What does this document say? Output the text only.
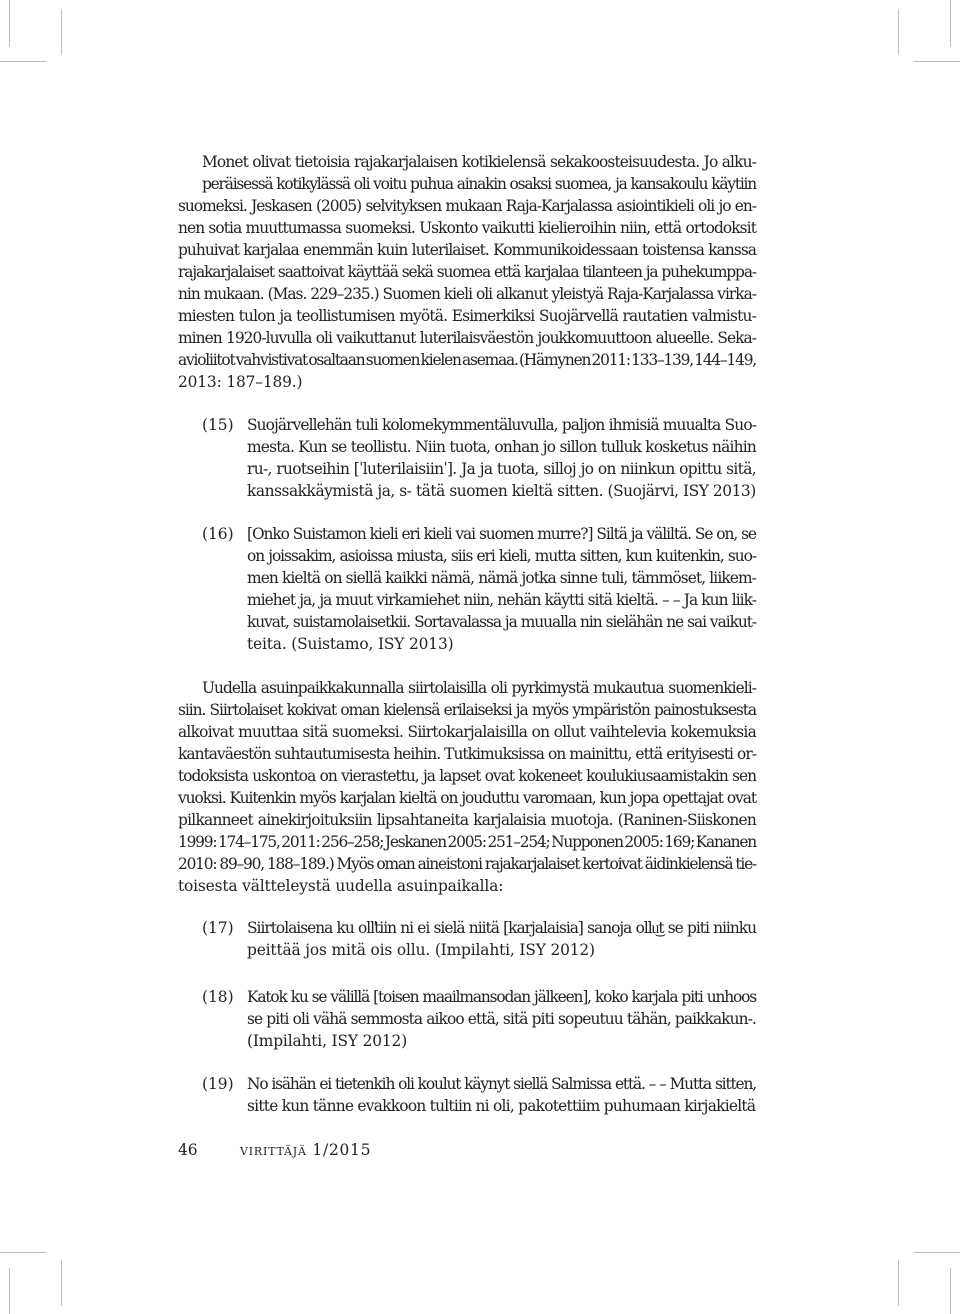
Monet olivat tietoisia rajakarjalaisen kotikielensä sekakoosteisuudesta. Jo alku-
peräisessä kotikylässä oli voitu puhua ainakin osaksi suomea, ja kansakoulu käytiin
suomeksi. Jeskasen (2005) selvityksen mukaan Raja-Karjalassa asiointikieli oli jo en-
nen sotia muuttumassa suomeksi. Uskonto vaikutti kielieroihin niin, että ortodoksit
puhuivat karjalaa enemmän kuin luterilaiset. Kommunikoidessaan toistensa kanssa
rajakarjalaiset saattoivat käyttää sekä suomea että karjalaa tilanteen ja puhekumppa-
nin mukaan. (Mas. 229–235.) Suomen kieli oli alkanut yleistyä Raja-Karjalassa virka-
miesten tulon ja teollistumisen myötä. Esimerkiksi Suojärvellä rautatien valmistu-
minen 1920-luvulla oli vaikuttanut luterilaisväestön joukkomuuttoon alueelle. Seka-
avioliitot vahvistivat osaltaan suomen kielen asemaa. (Hämynen 2011: 133–139, 144–149,
2013: 187–189.)
Uudella asuinpaikkakunnalla siirtolaisilla oli pyrkimystä mukautua suomenkieli-
siin. Siirtolaiset kokivat oman kielensä erilaiseksi ja myös ympäristön painostuksesta
alkoivat muuttaa sitä suomeksi. Siirtokarjalaisilla on ollut vaihtelevia kokemuksia
kantaväestön suhtautumisesta heihin. Tutkimuksissa on mainittu, että erityisesti or-
todoksista uskontoa on vierastettu, ja lapset ovat kokeneet koulukiusaamistakin sen
vuoksi. Kuitenkin myös karjalan kieltä on jouduttu varomaan, kun jopa opettajat ovat
pilkanneet ainekirjoituksiin lipsahtaneita karjalaisia muotoja. (Raninen-Siiskonen
1999: 174–175, 2011: 256–258; Jeskanen 2005: 251–254; Nupponen 2005: 169; Kananen
2010: 89–90, 188–189.) Myös oman aineistoni rajakarjalaiset kertoivat äidinkielensä tie-
toisesta vältteleystä uudella asuinpaikalla:
(15) Suojärvellehän tuli kolomekymmentäluvulla, paljon ihmisiä muualta Suo-
mesta. Kun se teollistu. Niin tuota, onhan jo sillon tulluk kosketus näihin
ru-, ruotseihin [ˈluterilaisiinˈ]. Ja ja tuota, silloj jo on niinkun opittu sitä,
kanssakkäymistä ja, s- tätä suomen kieltä sitten. (Suojärvi, ISY 2013)
(16) [Onko Suistamon kieli eri kieli vai suomen murre?] Siltä ja väliltä. Se on, se
on joissakim, asioissa miusta, siis eri kieli, mutta sitten, kun kuitenkin, suo-
men kieltä on siellä kaikki nämä, nämä jotka sinne tuli, tämmöset, liikem-
miehet ja, ja muut virkamiehet niin, nehän käytti sitä kieltä. – – Ja kun liik-
kuvat, suistamolaisetkii. Sortavalassa ja muualla nin sielähän ne sai vaikut-
teita. (Suistamo, ISY 2013)
(17) Siirtolaisena ku olľtiin ni ei sielä niitä [karjalaisia] sanoja ollu͜t se piti niinku
peittää jos mitä ois ollu. (Impilahti, ISY 2012)
(18) Katok ku se välillä [toisen maailmansodan jälkeen], koko karjala piti unhoos
se piti oli vähä semmosta aikoo että, sitä piti sopeutuu tähän, paikkakun-.
(Impilahti, ISY 2012)
(19) No isähän ei tietenkih oli koulut käynyt siellä Salmissa että. – – Mutta sitten,
sitte kun tänne evakkoon tultiin ni oli, pakotettiim puhumaan kirjakieltä
46	virittäjä 1/2015
